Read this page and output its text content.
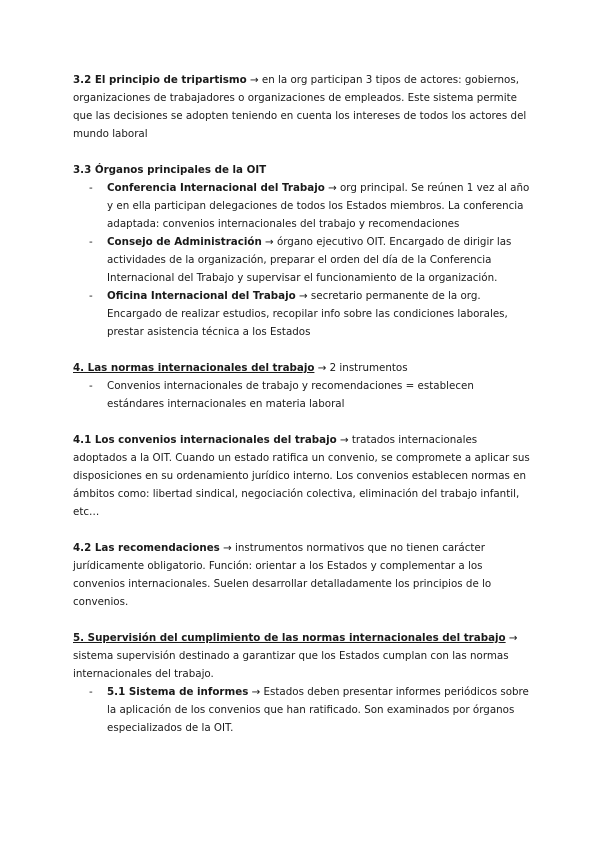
3.2 El principio de tripartismo → en la org participan 3 tipos de actores: gobiernos, organizaciones de trabajadores o organizaciones de empleados. Este sistema permite que las decisiones se adopten teniendo en cuenta los intereses de todos los actores del mundo laboral

3.3 Órganos principales de la OIT

- Conferencia Internacional del Trabajo → org principal. Se reúnen 1 vez al año y en ella participan delegaciones de todos los Estados miembros. La conferencia adaptada: convenios internacionales del trabajo y recomendaciones
- Consejo de Administración → órgano ejecutivo OIT. Encargado de dirigir las actividades de la organización, preparar el orden del día de la Conferencia Internacional del Trabajo y supervisar el funcionamiento de la organización.
- Oficina Internacional del Trabajo → secretario permanente de la org. Encargado de realizar estudios, recopilar info sobre las condiciones laborales, prestar asistencia técnica a los Estados

4. Las normas internacionales del trabajo → 2 instrumentos

- Convenios internacionales de trabajo y recomendaciones = establecen estándares internacionales en materia laboral

4.1 Los convenios internacionales del trabajo → tratados internacionales adoptados a la OIT. Cuando un estado ratifica un convenio, se compromete a aplicar sus disposiciones en su ordenamiento jurídico interno. Los convenios establecen normas en ámbitos como: libertad sindical, negociación colectiva, eliminación del trabajo infantil, etc…

4.2 Las recomendaciones → instrumentos normativos que no tienen carácter jurídicamente obligatorio. Función: orientar a los Estados y complementar a los convenios internacionales. Suelen desarrollar detalladamente los principios de lo convenios.

5. Supervisión del cumplimiento de las normas internacionales del trabajo → sistema supervisión destinado a garantizar que los Estados cumplan con las normas internacionales del trabajo.

- 5.1 Sistema de informes → Estados deben presentar informes periódicos sobre la aplicación de los convenios que han ratificado. Son examinados por órganos especializados de la OIT.
